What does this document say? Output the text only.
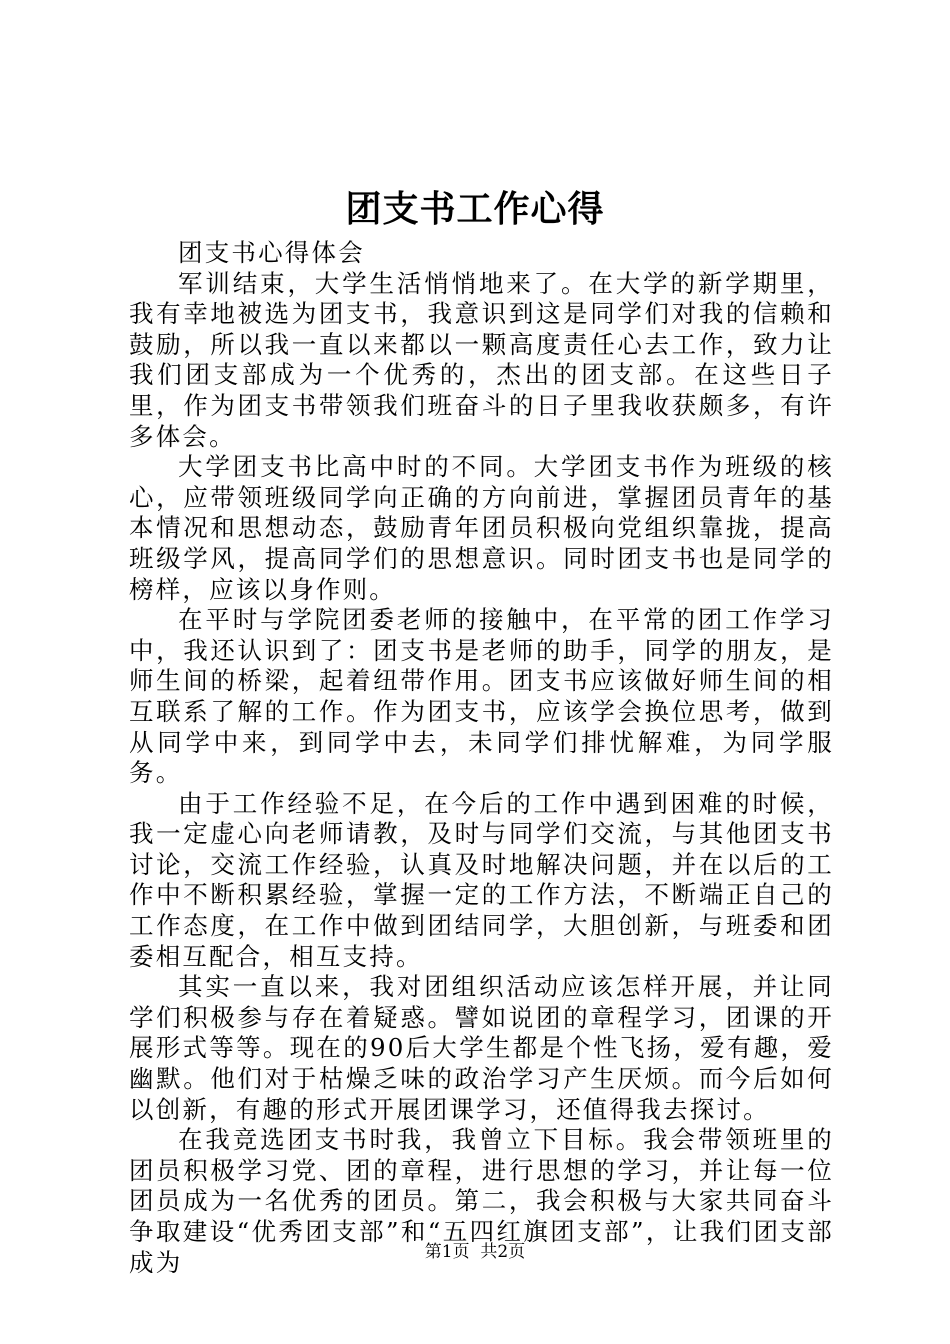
团支书工作心得

团支书心得体会

军训结束，大学生活悄悄地来了。在大学的新学期里，我有幸地被选为团支书，我意识到这是同学们对我的信赖和鼓励，所以我一直以来都以一颗高度责任心去工作，致力让我们团支部成为一个优秀的，杰出的团支部。在这些日子里，作为团支书带领我们班奋斗的日子里我收获颇多，有许多体会。

大学团支书比高中时的不同。大学团支书作为班级的核心，应带领班级同学向正确的方向前进，掌握团员青年的基本情况和思想动态，鼓励青年团员积极向党组织靠拢，提高班级学风，提高同学们的思想意识。同时团支书也是同学的榜样，应该以身作则。

在平时与学院团委老师的接触中，在平常的团工作学习中，我还认识到了：团支书是老师的助手，同学的朋友，是师生间的桥梁，起着纽带作用。团支书应该做好师生间的相互联系了解的工作。作为团支书，应该学会换位思考，做到从同学中来，到同学中去，未同学们排忧解难，为同学服务。

由于工作经验不足，在今后的工作中遇到困难的时候，我一定虚心向老师请教，及时与同学们交流，与其他团支书讨论，交流工作经验，认真及时地解决问题，并在以后的工作中不断积累经验，掌握一定的工作方法，不断端正自己的工作态度，在工作中做到团结同学，大胆创新，与班委和团委相互配合，相互支持。

其实一直以来，我对团组织活动应该怎样开展，并让同学们积极参与存在着疑惑。譬如说团的章程学习，团课的开展形式等等。现在的90后大学生都是个性飞扬，爱有趣，爱幽默。他们对于枯燥乏味的政治学习产生厌烦。而今后如何以创新，有趣的形式开展团课学习，还值得我去探讨。

在我竞选团支书时我，我曾立下目标。我会带领班里的团员积极学习党、团的章程，进行思想的学习，并让每一位团员成为一名优秀的团员。第二，我会积极与大家共同奋斗争取建设“优秀团支部”和“五四红旗团支部”，让我们团支部成为	第1页 共2页
